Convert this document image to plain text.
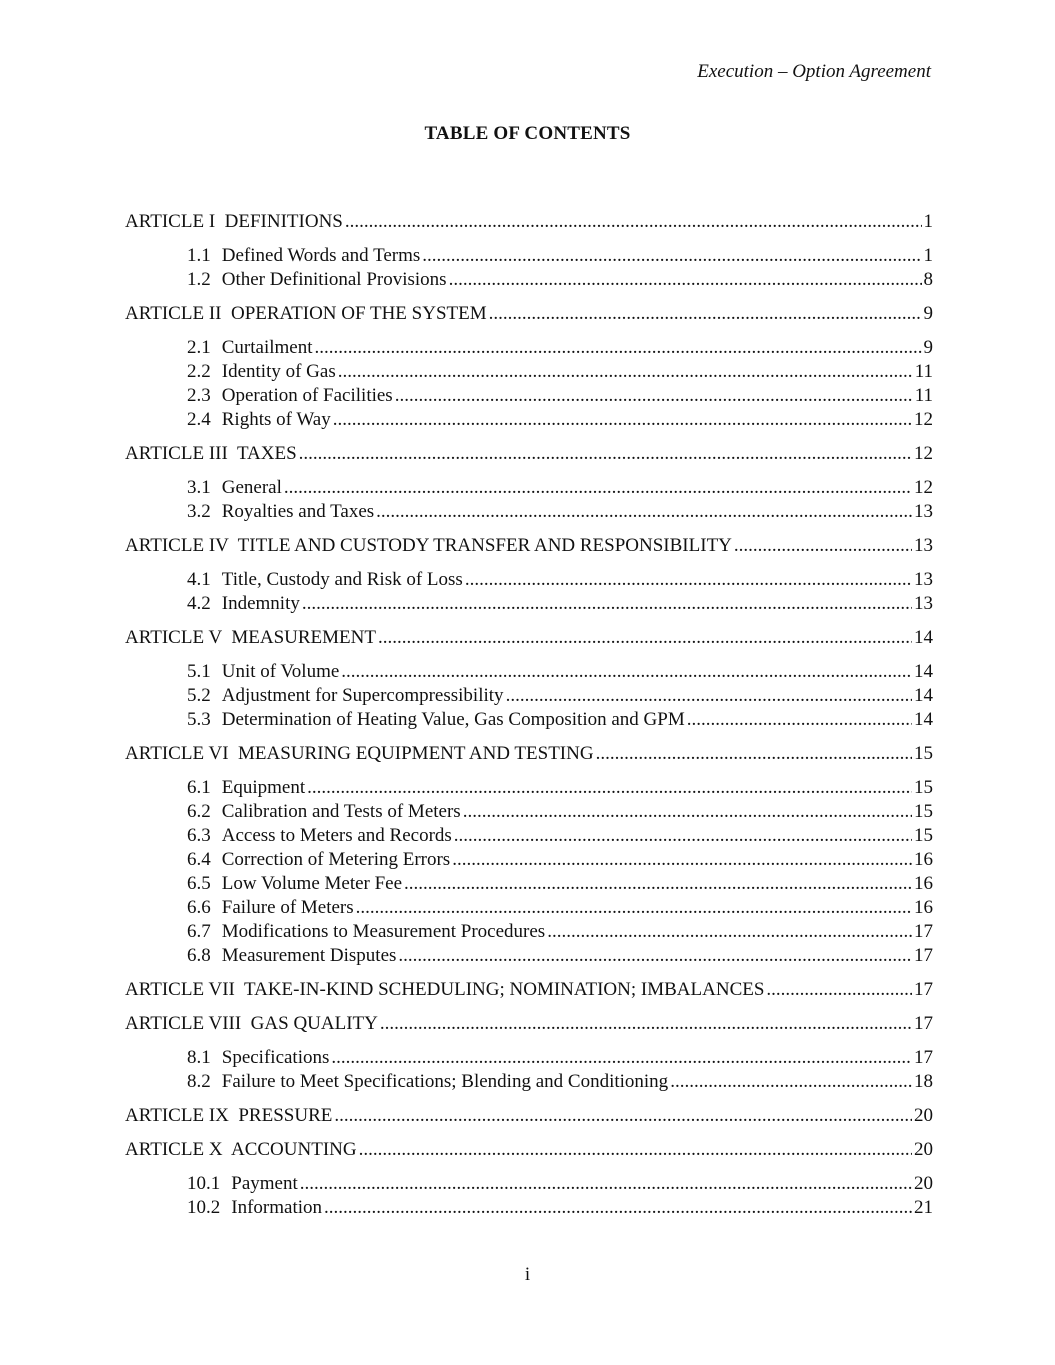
Execution – Option Agreement
TABLE OF CONTENTS
ARTICLE I  DEFINITIONS .....	1
1.1 Defined Words and Terms .....	1
1.2 Other Definitional Provisions .....	8
ARTICLE II  OPERATION OF THE SYSTEM .....	9
2.1 Curtailment .....	9
2.2 Identity of Gas .....	11
2.3 Operation of Facilities .....	11
2.4 Rights of Way .....	12
ARTICLE III  TAXES .....	12
3.1 General .....	12
3.2 Royalties and Taxes .....	13
ARTICLE IV  TITLE AND CUSTODY TRANSFER AND RESPONSIBILITY .....	13
4.1 Title, Custody and Risk of Loss .....	13
4.2 Indemnity .....	13
ARTICLE V  MEASUREMENT .....	14
5.1 Unit of Volume .....	14
5.2 Adjustment for Supercompressibility .....	14
5.3 Determination of Heating Value, Gas Composition and GPM .....	14
ARTICLE VI  MEASURING EQUIPMENT AND TESTING .....	15
6.1 Equipment .....	15
6.2 Calibration and Tests of Meters .....	15
6.3 Access to Meters and Records .....	15
6.4 Correction of Metering Errors .....	16
6.5 Low Volume Meter Fee .....	16
6.6 Failure of Meters .....	16
6.7 Modifications to Measurement Procedures .....	17
6.8 Measurement Disputes .....	17
ARTICLE VII  TAKE-IN-KIND SCHEDULING; NOMINATION; IMBALANCES .....	17
ARTICLE VIII  GAS QUALITY .....	17
8.1 Specifications .....	17
8.2 Failure to Meet Specifications; Blending and Conditioning .....	18
ARTICLE IX  PRESSURE .....	20
ARTICLE X  ACCOUNTING .....	20
10.1 Payment .....	20
10.2 Information .....	21
i
